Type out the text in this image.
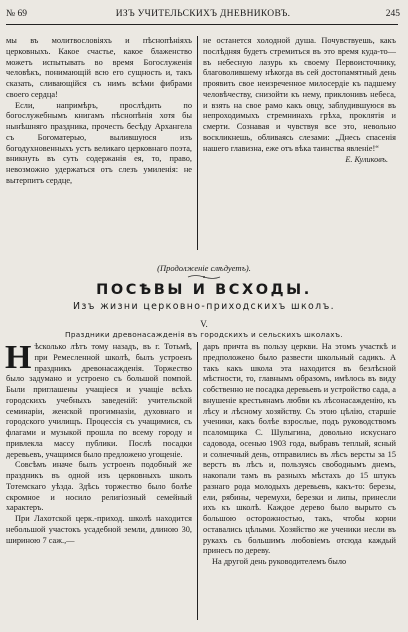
№ 69	ИЗЪ УЧИТЕЛЬСКИХЪ ДНЕВНИКОВЪ.	245

мы въ молитвословіяхъ и пѣснопѣніяхъ церковныхъ. Какое счастье, какое блаженство можетъ испытывать во время Богослуженія человѣкъ, понимающій всю его сущность и, такъ сказать, сливающійся съ нимъ всѣми фибрами своего сердца!

Если, напримѣръ, прослѣдить по богослужебнымъ книгамъ пѣснопѣнія хотя бы нынѣшняго праздника, прочесть бесѣду Архангела съ Богоматерью, вылившуюся изъ богодухновенныхъ устъ великаго церковнаго поэта, вникнуть въ суть содержанія ея, то, право, невозможно удержаться отъ слезъ умиленія: не вытерпитъ сердце,

не останется холодной душа. Почувствуешь, какъ послѣдняя будетъ стремиться въ это время куда-то—въ небесную лазурь къ своему Первоисточнику, благоволившему нѣкогда въ сей достопамятный день проявить свое неизреченное милосердіе къ падшему человѣчеству, снизойти къ нему, приклонивъ небеса, и взять на свое рамо какъ овцу, заблудившуюся въ непроходимыхъ стремнинахъ грѣха, проклятія и смерти. Сознавая и чувствуя все это, невольно воскликнешь, обливаясь слезами: „Днесь спасенія нашего главизна, еже отъ вѣка таинства явленіе!“

Е. Куликовъ.
(Продолженіе слѣдуетъ).
ПОСѢВЫ И ВСХОДЫ.
Изъ жизни церковно-приходскихъ школъ.
V.
Праздники древонасажденія въ городскихъ и сельскихъ школахъ.

Нѣсколько лѣтъ тому назадъ, въ г. Тотьмѣ, при Ремесленной школѣ, былъ устроенъ праздникъ древонасажденія. Торжество было задумано и устроено съ большой помпой. Были приглашены учащіеся и учащіе всѣхъ городскихъ учебныхъ заведеній: учительской семинаріи, женской прогимназіи, духовнаго и городского училищъ. Процессія съ учащимися, съ флагами и музыкой прошла по всему городу и привлекла массу публики. Послѣ посадки деревьевъ, учащимся было предложено угощеніе.

Совсѣмъ иначе былъ устроенъ подобный же праздникъ въ одной изъ церковныхъ школъ Тотемскаго уѣзда. Здѣсь торжество было болѣе скромное и носило религіозный семейный характеръ.

При Лахотской церк.-приход. школѣ находится небольшой участокъ усадебной земли, длиною 30, шириною 7 саж.,—

даръ причта въ пользу церкви. На этомъ участкѣ и предположено было развести школьный садикъ. А такъ какъ школа эта находится въ безлѣсной мѣстности, то, главнымъ образомъ, имѣлось въ виду собственно не посадка деревьевъ и устройство сада, а внушеніе крестьянамъ любви къ лѣсонасажденію, къ лѣсу и лѣсному хозяйству. Съ этою цѣлію, старшіе ученики, какъ болѣе взрослые, подъ руководствомъ псаломщика С. Шулыгина, довольно искуснаго садовода, осенью 1903 года, выбравъ теплый, ясный и солнечный день, отправились въ лѣсъ версты за 15 верстъ въ лѣсъ и, пользуясь свободнымъ днемъ, накопали тамъ въ разныхъ мѣстахъ до 15 штукъ разнаго рода молодыхъ деревьевъ, какъ-то: березы, ели, рябины, черемухи, березки и липы, принесли ихъ къ школѣ. Каждое дерево было вырыто съ большою осторожностью, такъ, чтобы корни оставались цѣлыми. Хозяйство же ученики несли въ рукахъ съ большимъ любовіемъ отсюда каждый принесъ по дереву.

На другой день руководителемъ было
